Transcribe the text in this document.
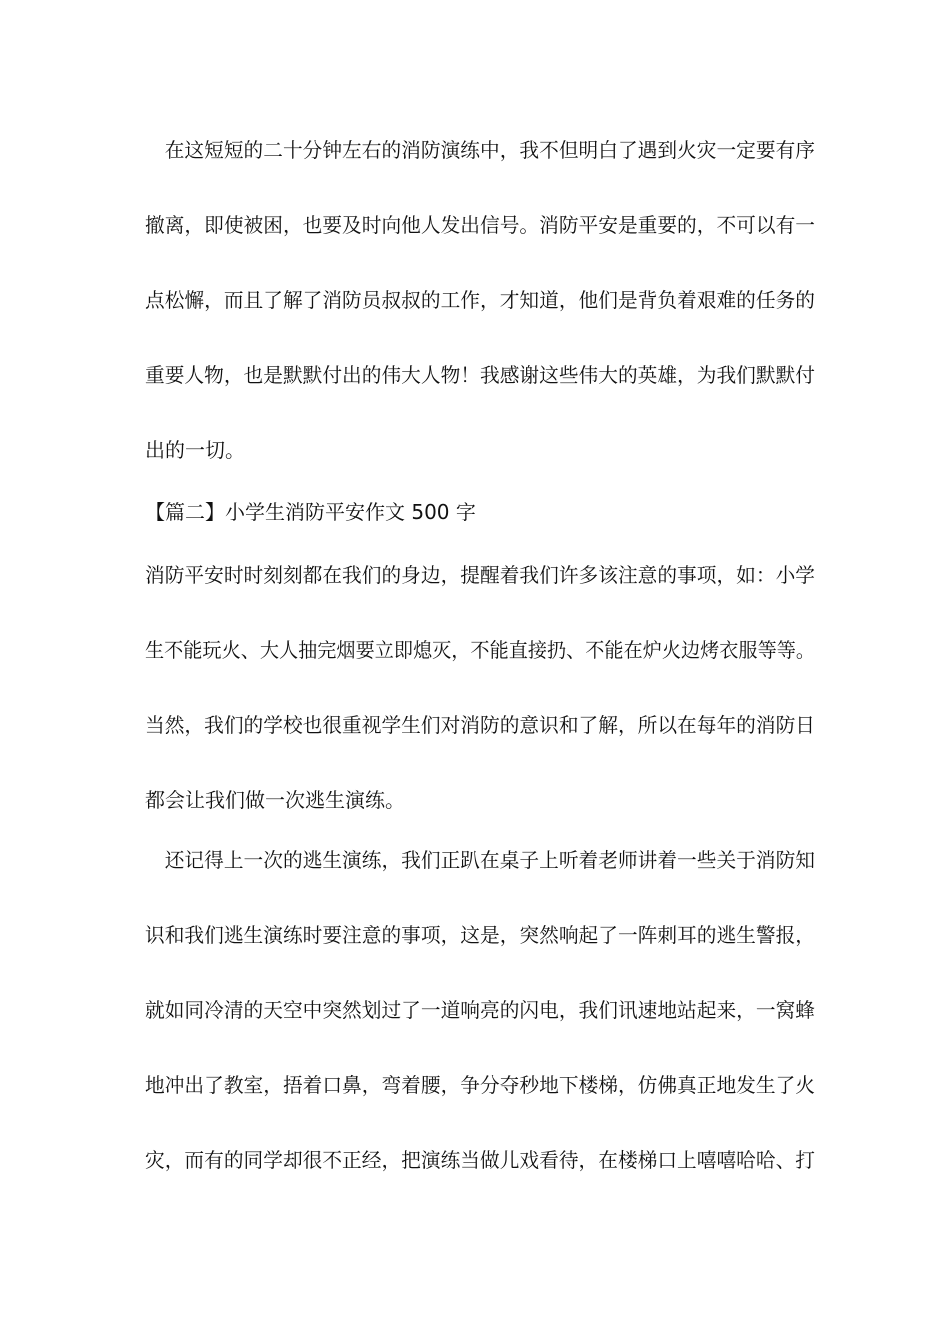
　在这短短的二十分钟左右的消防演练中，我不但明白了遇到火灾一定要有序
撤离，即使被困，也要及时向他人发出信号。消防平安是重要的，不可以有一
点松懈，而且了解了消防员叔叔的工作，才知道，他们是背负着艰难的任务的
重要人物，也是默默付出的伟大人物！我感谢这些伟大的英雄，为我们默默付
出的一切。
【篇二】小学生消防平安作文 500 字
消防平安时时刻刻都在我们的身边，提醒着我们许多该注意的事项，如：小学
生不能玩火、大人抽完烟要立即熄灭，不能直接扔、不能在炉火边烤衣服等等。
当然，我们的学校也很重视学生们对消防的意识和了解，所以在每年的消防日
都会让我们做一次逃生演练。
　还记得上一次的逃生演练，我们正趴在桌子上听着老师讲着一些关于消防知
识和我们逃生演练时要注意的事项，这是，突然响起了一阵刺耳的逃生警报，
就如同冷清的天空中突然划过了一道响亮的闪电，我们讯速地站起来，一窝蜂
地冲出了教室，捂着口鼻，弯着腰，争分夺秒地下楼梯，仿佛真正地发生了火
灾，而有的同学却很不正经，把演练当做儿戏看待，在楼梯口上嘻嘻哈哈、打
